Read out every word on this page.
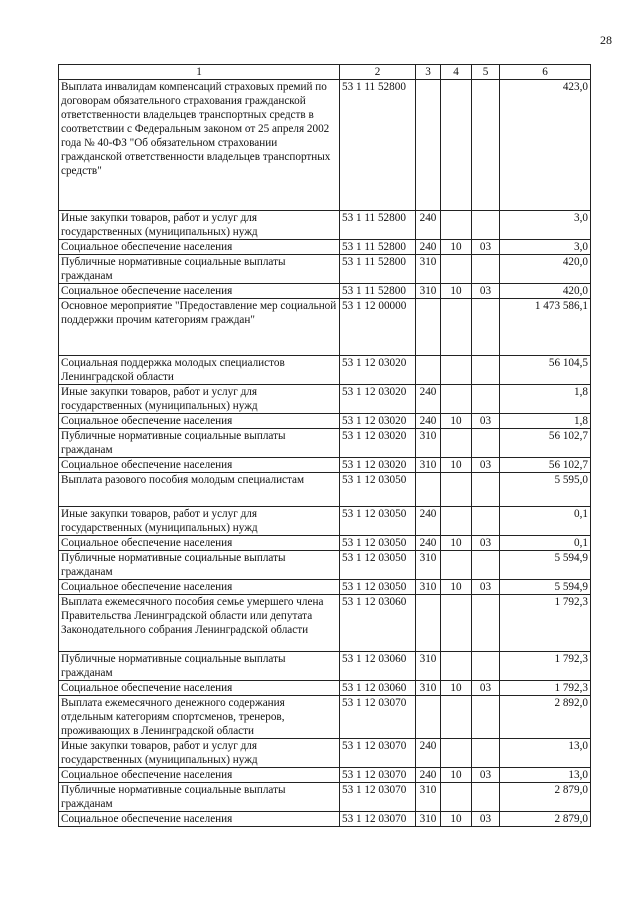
28
1	2	3	4	5	6
Выплата инвалидам компенсаций страховых премий по договорам обязательного страхования гражданской ответственности владельцев транспортных средств в соответствии с Федеральным законом от 25 апреля 2002 года № 40-ФЗ "Об обязательном страховании гражданской ответственности владельцев транспортных средств"	53 1 11 52800				423,0
Иные закупки товаров, работ и услуг для государственных (муниципальных) нужд	53 1 11 52800	240			3,0
Социальное обеспечение населения	53 1 11 52800	240	10	03	3,0
Публичные нормативные социальные выплаты гражданам	53 1 11 52800	310			420,0
Социальное обеспечение населения	53 1 11 52800	310	10	03	420,0
Основное мероприятие "Предоставление мер социальной поддержки прочим категориям граждан"	53 1 12 00000				1 473 586,1
Социальная поддержка молодых специалистов Ленинградской области	53 1 12 03020				56 104,5
Иные закупки товаров, работ и услуг для государственных (муниципальных) нужд	53 1 12 03020	240			1,8
Социальное обеспечение населения	53 1 12 03020	240	10	03	1,8
Публичные нормативные социальные выплаты гражданам	53 1 12 03020	310			56 102,7
Социальное обеспечение населения	53 1 12 03020	310	10	03	56 102,7
Выплата разового пособия молодым специалистам	53 1 12 03050				5 595,0
Иные закупки товаров, работ и услуг для государственных (муниципальных) нужд	53 1 12 03050	240			0,1
Социальное обеспечение населения	53 1 12 03050	240	10	03	0,1
Публичные нормативные социальные выплаты гражданам	53 1 12 03050	310			5 594,9
Социальное обеспечение населения	53 1 12 03050	310	10	03	5 594,9
Выплата ежемесячного пособия семье умершего члена Правительства Ленинградской области или депутата Законодательного собрания Ленинградской области	53 1 12 03060				1 792,3
Публичные нормативные социальные выплаты гражданам	53 1 12 03060	310			1 792,3
Социальное обеспечение населения	53 1 12 03060	310	10	03	1 792,3
Выплата ежемесячного денежного содержания отдельным категориям спортсменов, тренеров, проживающих в Ленинградской области	53 1 12 03070				2 892,0
Иные закупки товаров, работ и услуг для государственных (муниципальных) нужд	53 1 12 03070	240			13,0
Социальное обеспечение населения	53 1 12 03070	240	10	03	13,0
Публичные нормативные социальные выплаты гражданам	53 1 12 03070	310			2 879,0
Социальное обеспечение населения	53 1 12 03070	310	10	03	2 879,0
